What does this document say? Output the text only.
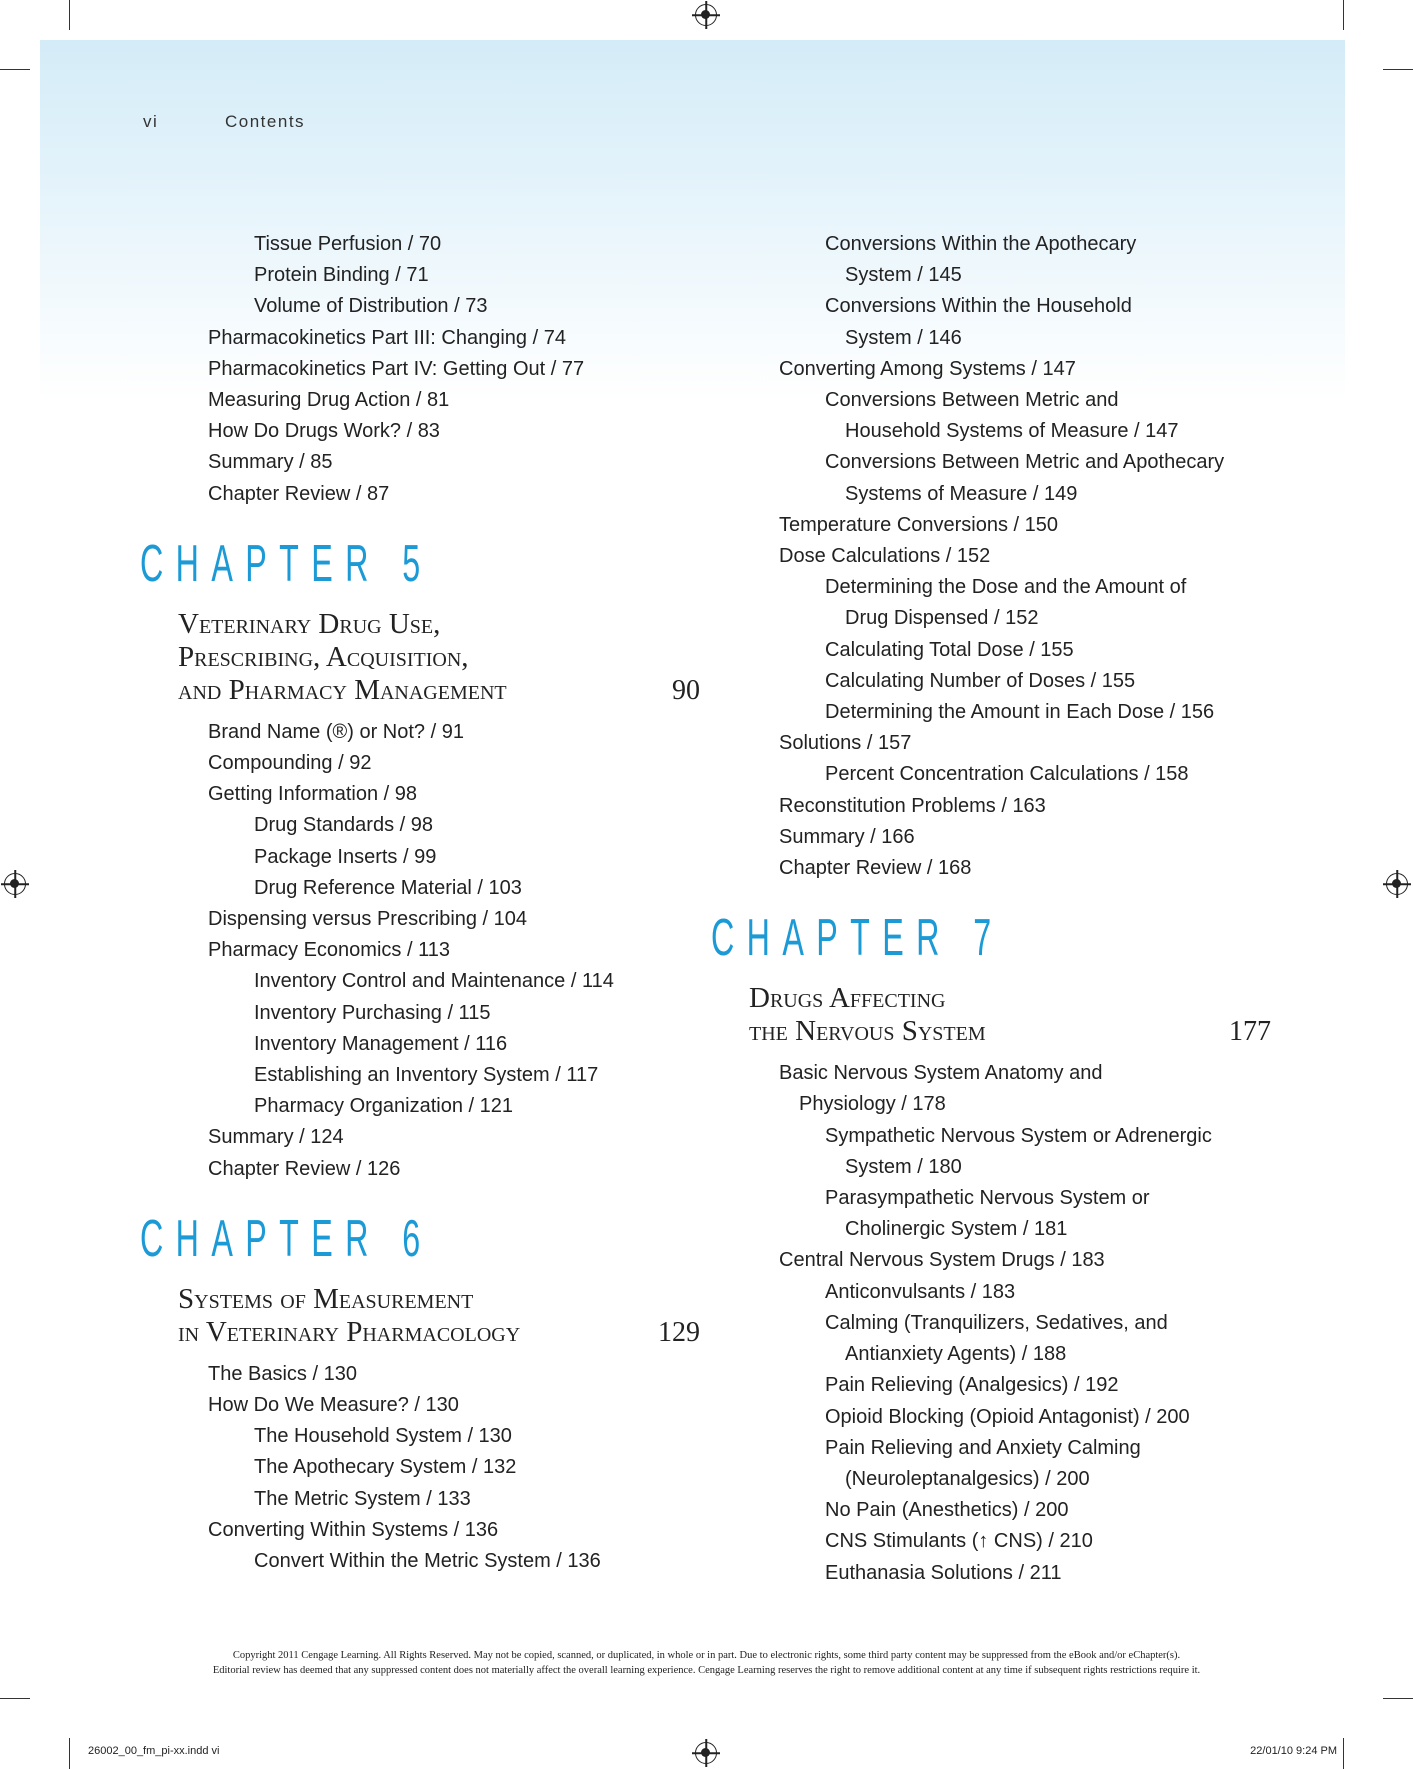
vi	Contents
Tissue Perfusion / 70
Protein Binding / 71
Volume of Distribution / 73
Pharmacokinetics Part III: Changing / 74
Pharmacokinetics Part IV: Getting Out / 77
Measuring Drug Action / 81
How Do Drugs Work? / 83
Summary / 85
Chapter Review / 87
CHAPTER 5
Veterinary Drug Use,
Prescribing, Acquisition,
and Pharmacy Management	90
Brand Name (®) or Not? / 91
Compounding / 92
Getting Information / 98
Drug Standards / 98
Package Inserts / 99
Drug Reference Material / 103
Dispensing versus Prescribing / 104
Pharmacy Economics / 113
Inventory Control and Maintenance / 114
Inventory Purchasing / 115
Inventory Management / 116
Establishing an Inventory System / 117
Pharmacy Organization / 121
Summary / 124
Chapter Review / 126
CHAPTER 6
Systems of Measurement
in Veterinary Pharmacology	129
The Basics / 130
How Do We Measure? / 130
The Household System / 130
The Apothecary System / 132
The Metric System / 133
Converting Within Systems / 136
Convert Within the Metric System / 136
Conversions Within the Apothecary
System / 145
Conversions Within the Household
System / 146
Converting Among Systems / 147
Conversions Between Metric and
Household Systems of Measure / 147
Conversions Between Metric and Apothecary
Systems of Measure / 149
Temperature Conversions / 150
Dose Calculations / 152
Determining the Dose and the Amount of
Drug Dispensed / 152
Calculating Total Dose / 155
Calculating Number of Doses / 155
Determining the Amount in Each Dose / 156
Solutions / 157
Percent Concentration Calculations / 158
Reconstitution Problems / 163
Summary / 166
Chapter Review / 168
CHAPTER 7
Drugs Affecting
the Nervous System	177
Basic Nervous System Anatomy and
Physiology / 178
Sympathetic Nervous System or Adrenergic
System / 180
Parasympathetic Nervous System or
Cholinergic System / 181
Central Nervous System Drugs / 183
Anticonvulsants / 183
Calming (Tranquilizers, Sedatives, and
Antianxiety Agents) / 188
Pain Relieving (Analgesics) / 192
Opioid Blocking (Opioid Antagonist) / 200
Pain Relieving and Anxiety Calming
(Neuroleptanalgesics) / 200
No Pain (Anesthetics) / 200
CNS Stimulants (↑ CNS) / 210
Euthanasia Solutions / 211
Copyright 2011 Cengage Learning. All Rights Reserved. May not be copied, scanned, or duplicated, in whole or in part. Due to electronic rights, some third party content may be suppressed from the eBook and/or eChapter(s).
Editorial review has deemed that any suppressed content does not materially affect the overall learning experience. Cengage Learning reserves the right to remove additional content at any time if subsequent rights restrictions require it.
26002_00_fm_pi-xx.indd vi	22/01/10 9:24 PM
